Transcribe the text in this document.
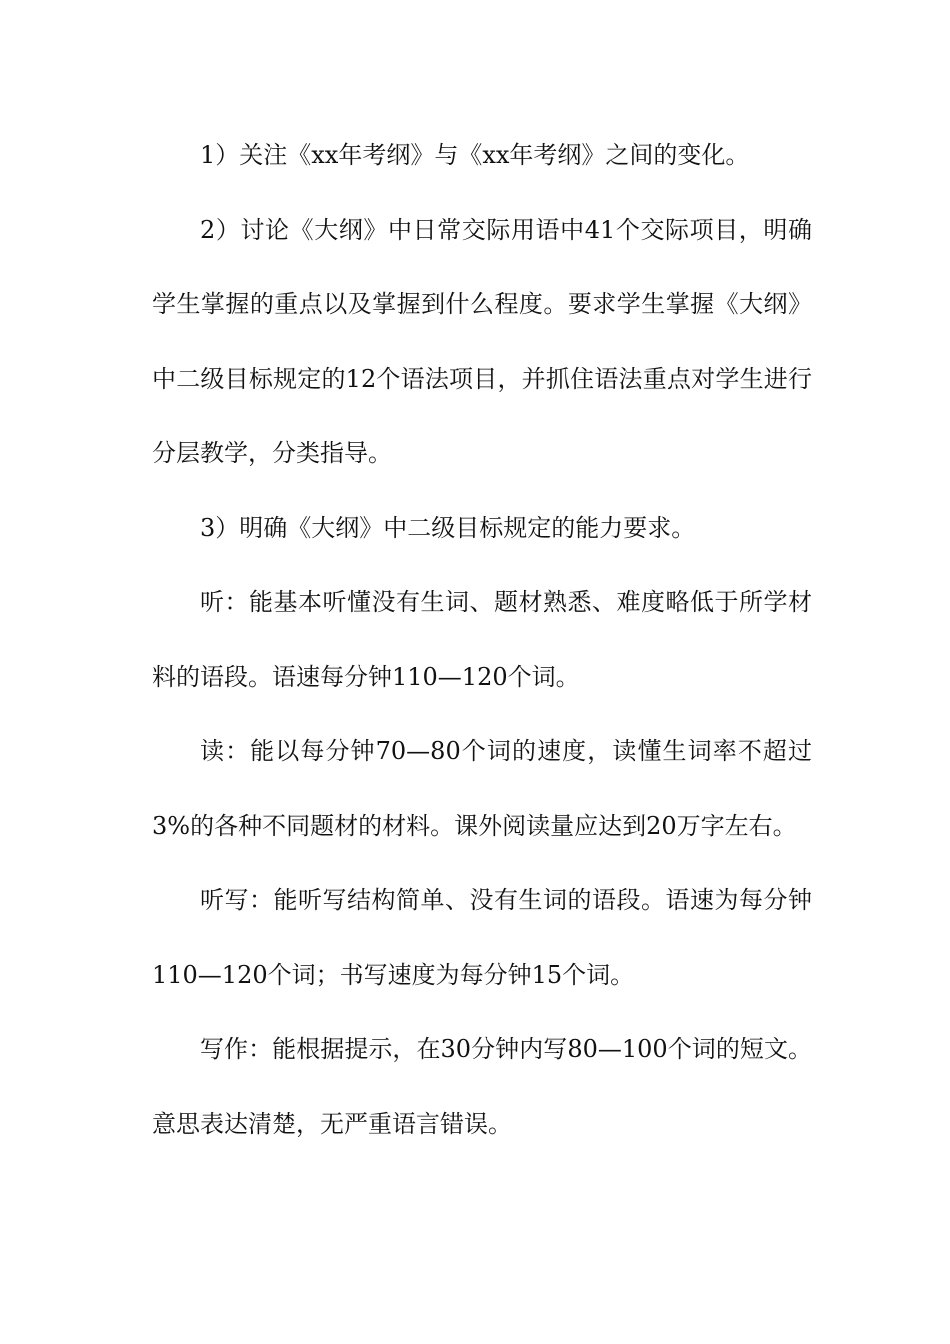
1）关注《xx年考纲》与《xx年考纲》之间的变化。

2）讨论《大纲》中日常交际用语中41个交际项目，明确学生掌握的重点以及掌握到什么程度。要求学生掌握《大纲》中二级目标规定的12个语法项目，并抓住语法重点对学生进行分层教学，分类指导。

3）明确《大纲》中二级目标规定的能力要求。

听：能基本听懂没有生词、题材熟悉、难度略低于所学材料的语段。语速每分钟110—120个词。

读：能以每分钟70—80个词的速度，读懂生词率不超过3%的各种不同题材的材料。课外阅读量应达到20万字左右。

听写：能听写结构简单、没有生词的语段。语速为每分钟110—120个词；书写速度为每分钟15个词。

写作：能根据提示，在30分钟内写80—100个词的短文。意思表达清楚，无严重语言错误。
